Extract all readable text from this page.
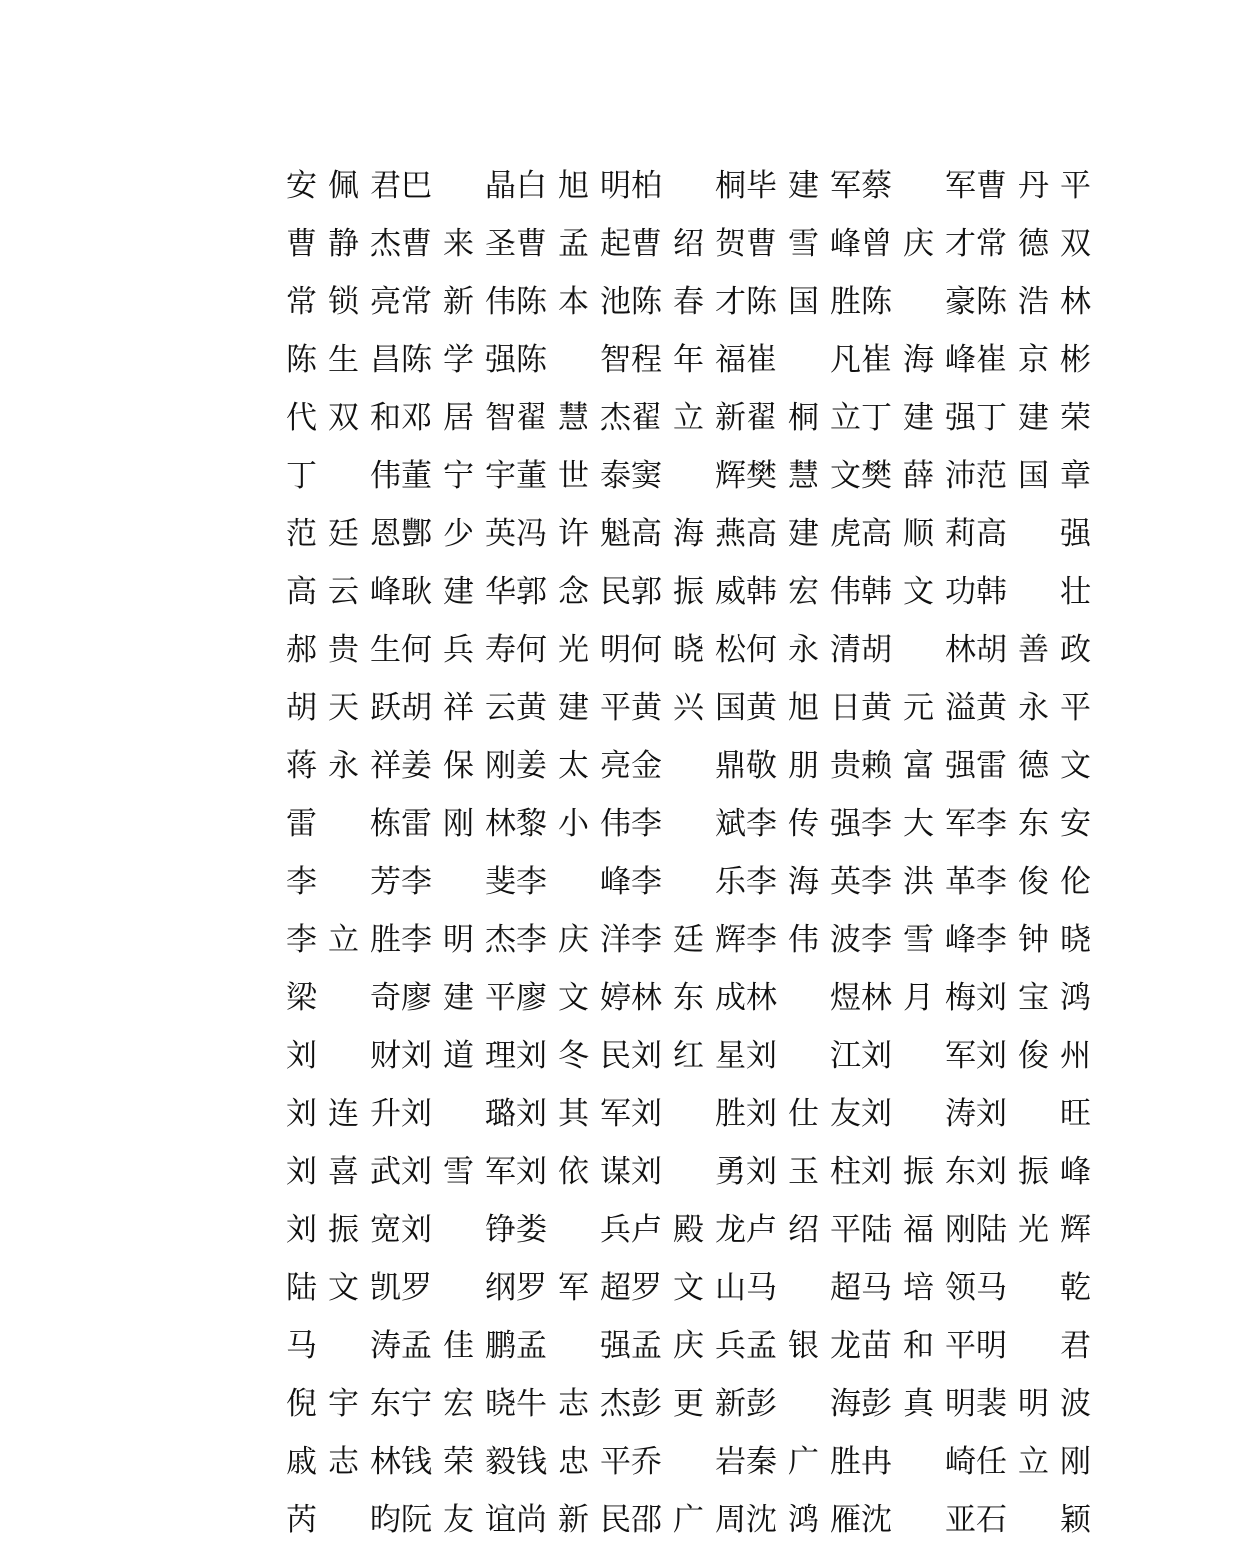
安 佩 君 巴
晶 白 旭 明 柏
桐 毕 建 军 蔡
军 曹 丹 平
曹 静 杰 曹 来 圣 曹 孟 起 曹 绍 贺 曹 雪 峰 曾 庆 才 常 德 双
常 锁 亮 常 新 伟 陈 本 池 陈 春 才 陈 国 胜 陈
豪 陈 浩 林
陈 生 昌 陈 学 强 陈
智 程 年 福 崔
凡 崔 海 峰 崔 京 彬
代 双 和 邓 居 智 翟 慧 杰 翟 立 新 翟 桐 立 丁 建 强 丁 建 荣
丁
伟 董 宁 宇 董 世 泰 窦
辉 樊 慧 文 樊 薛 沛 范 国 章
范 廷 恩 酆 少 英 冯 许 魁 高 海 燕 高 建 虎 高 顺 莉 高
强
高 云 峰 耿 建 华 郭 念 民 郭 振 威 韩 宏 伟 韩 文 功 韩
壮
郝 贵 生 何 兵 寿 何 光 明 何 晓 松 何 永 清 胡
林 胡 善 政
胡 天 跃 胡 祥 云 黄 建 平 黄 兴 国 黄 旭 日 黄 元 溢 黄 永 平
蒋 永 祥 姜 保 刚 姜 太 亮 金
鼎 敬 朋 贵 赖 富 强 雷 德 文
雷
栋 雷 刚 林 黎 小 伟 李
斌 李 传 强 李 大 军 李 东 安
李
芳 李
斐 李
峰 李
乐 李 海 英 李 洪 革 李 俊 伦
李 立 胜 李 明 杰 李 庆 洋 李 廷 辉 李 伟 波 李 雪 峰 李 钟 晓
梁
奇 廖 建 平 廖 文 婷 林 东 成 林
煜 林 月 梅 刘 宝 鸿
刘
财 刘 道 理 刘 冬 民 刘 红 星 刘
江 刘
军 刘 俊 州
刘 连 升 刘
璐 刘 其 军 刘
胜 刘 仕 友 刘
涛 刘
旺
刘 喜 武 刘 雪 军 刘 依 谋 刘
勇 刘 玉 柱 刘 振 东 刘 振 峰
刘 振 宽 刘
铮 娄
兵 卢 殿 龙 卢 绍 平 陆 福 刚 陆 光 辉
陆 文 凯 罗
纲 罗 军 超 罗 文 山 马
超 马 培 领 马
乾
马
涛 孟 佳 鹏 孟
强 孟 庆 兵 孟 银 龙 苗 和 平 明
君
倪 宇 东 宁 宏 晓 牛 志 杰 彭 更 新 彭
海 彭 真 明 裴 明 波
戚 志 林 钱 荣 毅 钱 忠 平 乔
岩 秦 广 胜 冉
崎 任 立 刚
芮
昀 阮 友 谊 尚 新 民 邵 广 周 沈 鸿 雁 沈
亚 石
颖
